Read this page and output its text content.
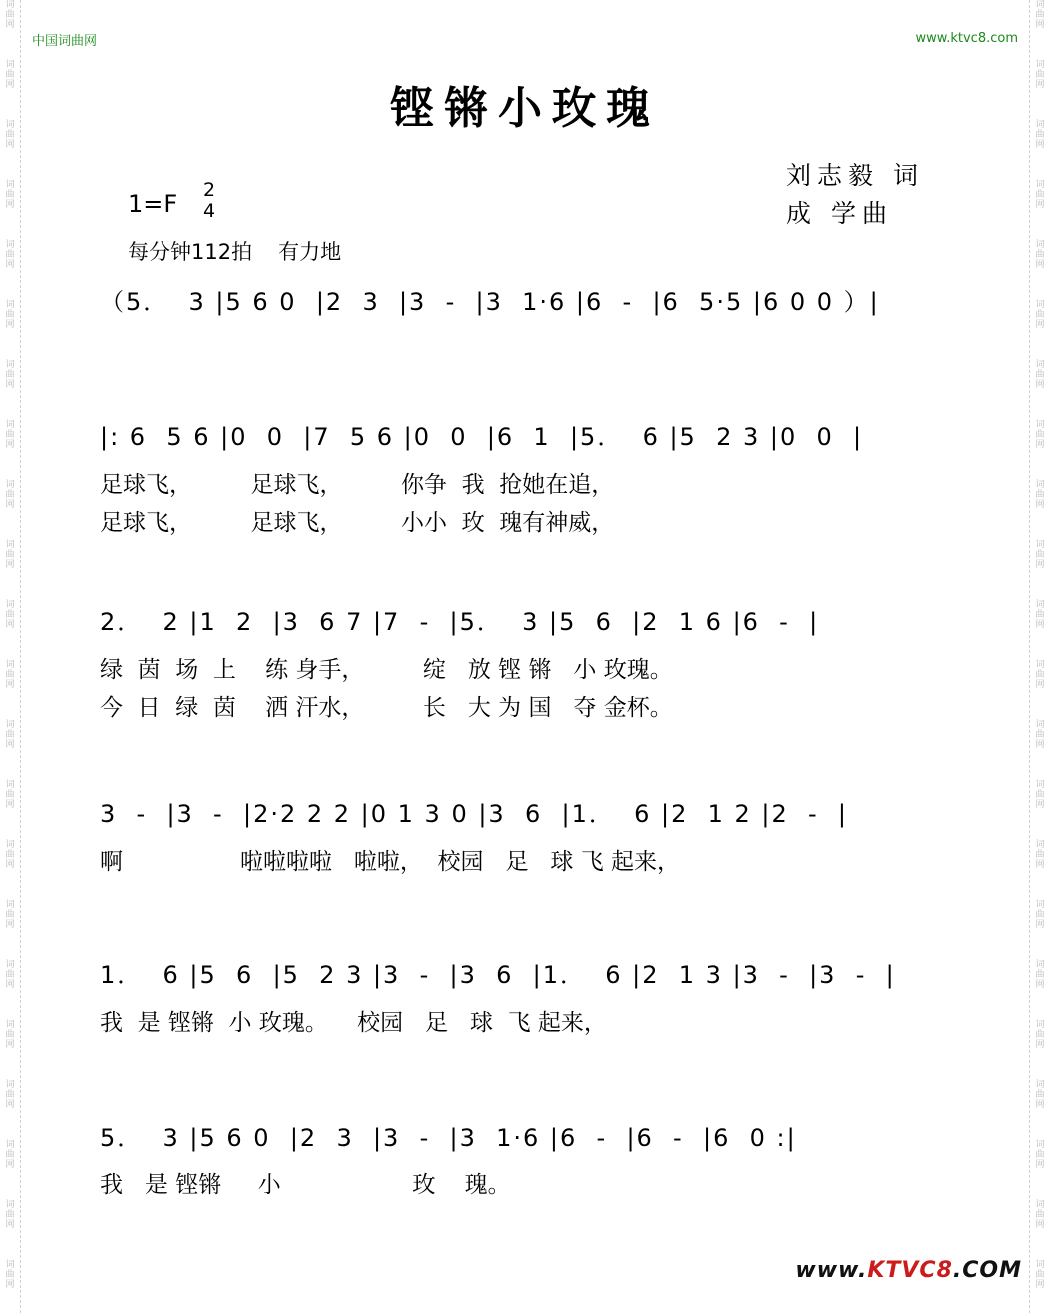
词
曲
网
词
曲
网
词
曲
网
词
曲
网
词
曲
网
词
曲
网
词
曲
网
词
曲
网
词
曲
网
词
曲
网
词
曲
网
词
曲
网
词
曲
网
词
曲
网
词
曲
网
词
曲
网
词
曲
网
词
曲
网
词
曲
网
词
曲
网
词
曲
网
词
曲
网
词
曲
网
词
曲
网
词
曲
网
词
曲
网
词
曲
网
词
曲
网
词
曲
网
词
曲
网
词
曲
网
词
曲
网
词
曲
网
词
曲
网
词
曲
网
词
曲
网
词
曲
网
词
曲
网
词
曲
网
词
曲
网
词
曲
网
词
曲
网
词
曲
网
词
曲
网
中国词曲网	www.ktvc8.com
铿锵小玫瑰
刘志毅 词
成 学曲
1=F 2
4
每分钟112拍 有力地
（5．  3 |5 6 0  |2  3  |3  -  |3  1·6 |6  -  |6  5·5 |6 0 0 ）|
|: 6  5 6 |0  0  |7  5 6 |0  0  |6  1  |5．  6 |5  2 3 |0  0  |
2．  2 |1  2  |3  6 7 |7  -  |5．  3 |5  6  |2  1 6 |6  -  |
3  -  |3  -  |2·2 2 2 |0 1 3 0 |3  6  |1．  6 |2  1 2 |2  -  |
1．  6 |5  6  |5  2 3 |3  -  |3  6  |1．  6 |2  1 3 |3  -  |3  -  |
5．  3 |5 6 0  |2  3  |3  -  |3  1·6 |6  -  |6  -  |6  0 :|
足球飞，        足球飞，        你争  我  抢她在追，
足球飞，        足球飞，        小小  玫  瑰有神威，
绿  茵  场  上    练 身手，        绽   放 铿 锵   小 玫瑰。
今  日  绿  茵    洒 汗水，        长   大 为 国   夺 金杯。
啊                啦啦啦啦   啦啦，  校园   足   球 飞 起来，
我  是 铿锵  小 玫瑰。    校园   足   球  飞 起来，
我   是 铿锵     小                  玫    瑰。
www.KTVC8.COM
